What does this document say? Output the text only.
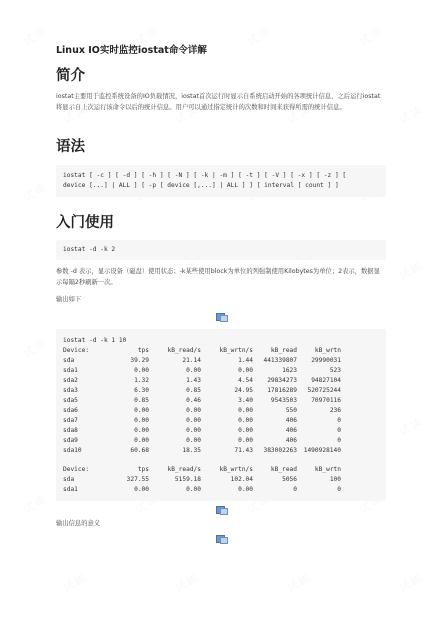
Linux IO实时监控iostat命令详解
简介

iostat主要用于监控系统设备的IO负载情况，iostat首次运行时显示自系统启动开始的各项统计信息，之后运行iostat将显示自上次运行该命令以后的统计信息。用户可以通过指定统计的次数和时间来获得所需的统计信息。

语法
iostat [ -c ] [ -d ] [ -h ] [ -N ] [ -k | -m ] [ -t ] [ -V ] [ -x ] [ -z ] [
device [...] | ALL ] [ -p [ device [,...] | ALL ] ] [ interval [ count ] ]
入门使用
iostat -d -k 2

参数 -d 表示，显示设备（磁盘）使用状态；-k某些使用block为单位的列强制使用Kilobytes为单位；2表示，数据显示每隔2秒刷新一次。

输出如下

iostat -d -k 1 10
Device:	tps	kB_read/s	kB_wrtn/s	kB_read	kB_wrtn
sda	39.29	21.14	1.44	441339807	29990031
sda1	0.00	0.00	0.00	1623	523
sda2	1.32	1.43	4.54	29834273	94827104
sda3	6.30	0.85	24.95	17816289	520725244
sda5	0.85	0.46	3.40	9543503	70970116
sda6	0.00	0.00	0.00	550	236
sda7	0.00	0.00	0.00	406	0
sda8	0.00	0.00	0.00	406	0
sda9	0.00	0.00	0.00	406	0
sda10	60.68	18.35	71.43	383002263	1490928140
Device:	tps	kB_read/s	kB_wrtn/s	kB_read	kB_wrtn
sda	327.55	5159.18	102.04	5056	100
sda1	0.00	0.00	0.00	0	0

输出信息的意义
